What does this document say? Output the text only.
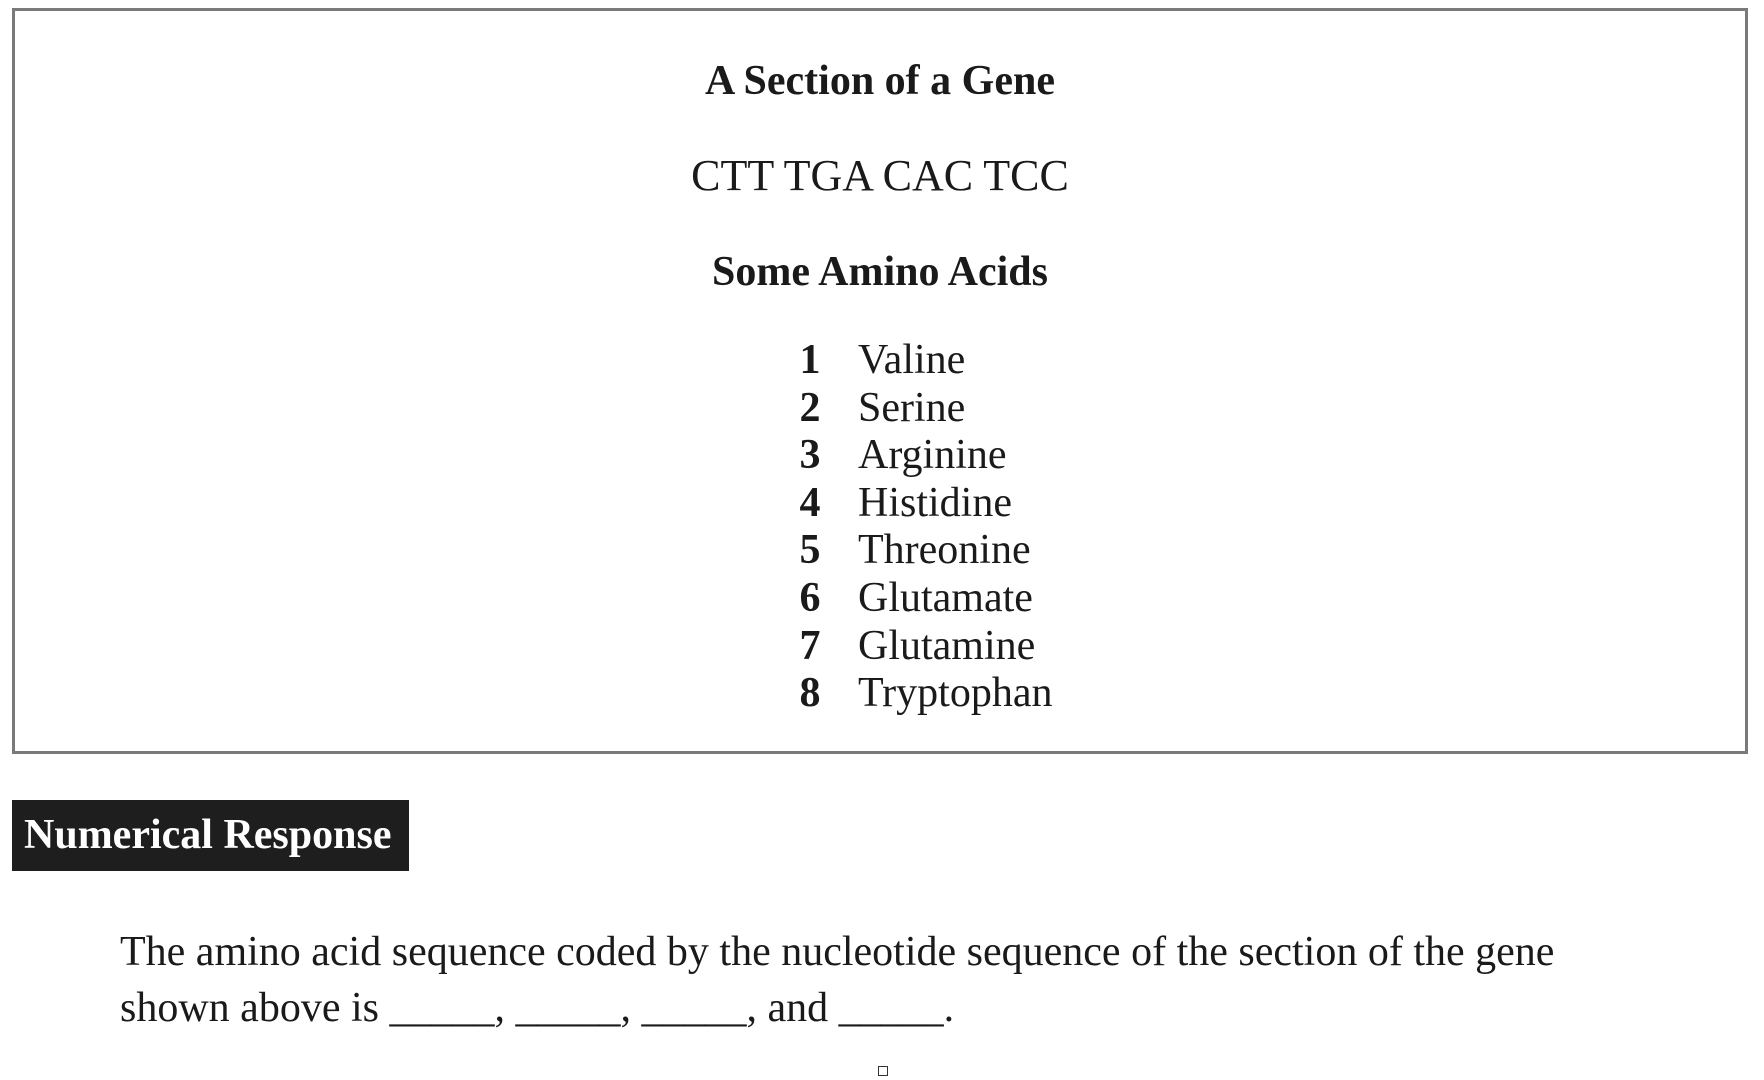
A Section of a Gene
CTT TGA CAC TCC
Some Amino Acids
1 Valine
2 Serine
3 Arginine
4 Histidine
5 Threonine
6 Glutamate
7 Glutamine
8 Tryptophan
Numerical Response

The amino acid sequence coded by the nucleotide sequence of the section of the gene

shown above is _____, _____, _____, and _____.
